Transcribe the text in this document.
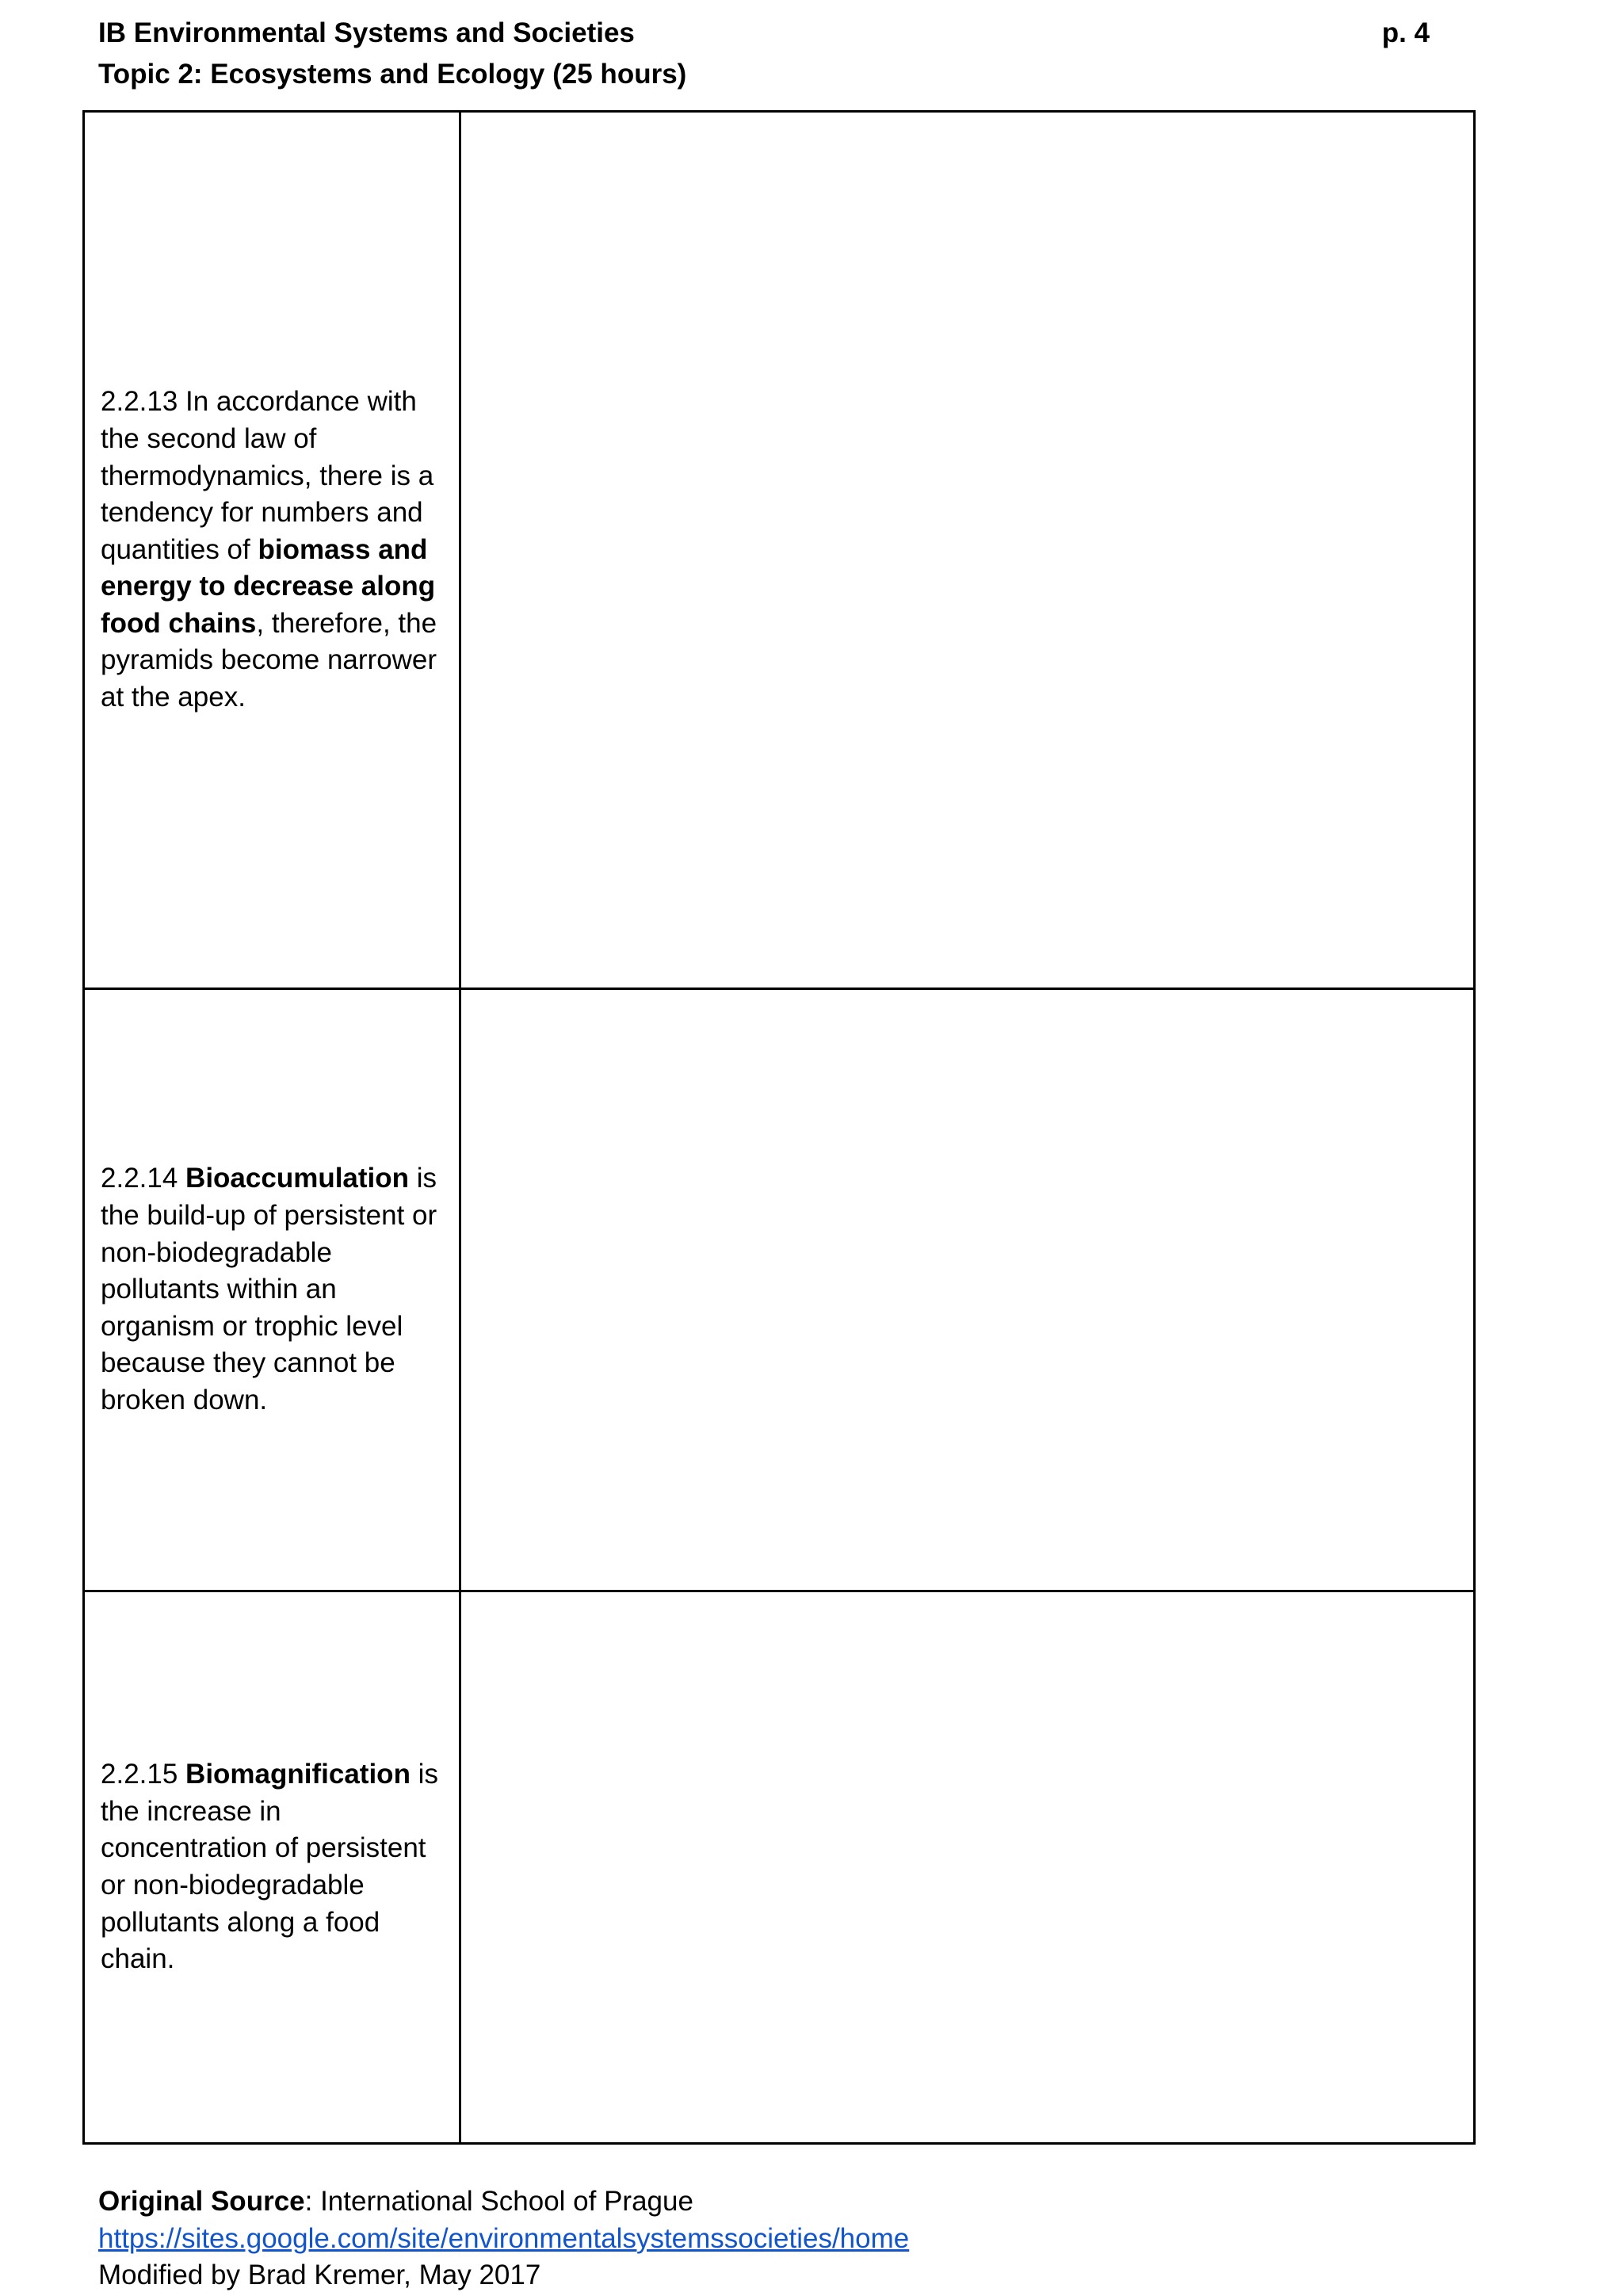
IB Environmental Systems and Societies	p. 4
Topic 2: Ecosystems and Ecology (25 hours)
2.2.13 In accordance with the second law of thermodynamics, there is a tendency for numbers and quantities of biomass and energy to decrease along food chains, therefore, the pyramids become narrower at the apex.	

2.2.14 Bioaccumulation is the build-up of persistent or non-biodegradable pollutants within an organism or trophic level because they cannot be broken down.	

2.2.15 Biomagnification is the increase in concentration of persistent or non-biodegradable pollutants along a food chain.	

Original Source: International School of Prague
https://sites.google.com/site/environmentalsystemssocieties/home
Modified by Brad Kremer, May 2017
